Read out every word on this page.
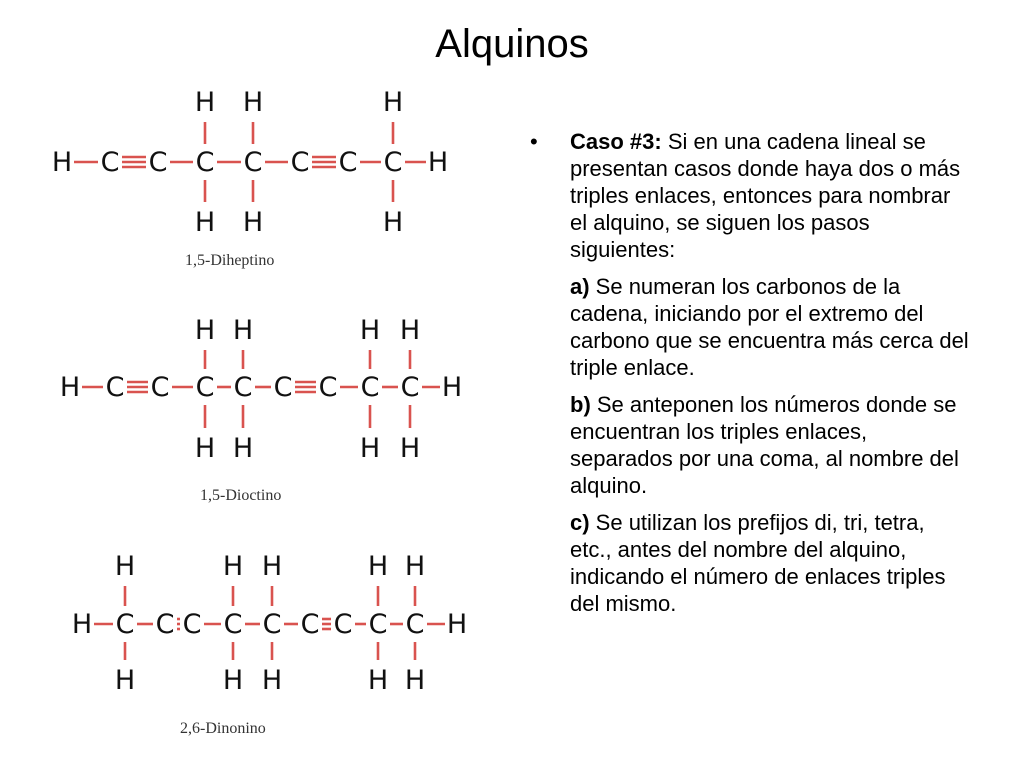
Alquinos
H C C C C C C C H
H
H
H
H
H
H
1,5-Diheptino
H C C C C C C C C H
H
H
H
H
H
H
H
H
1,5-Dioctino
H C C C C C C C C C H
H
H
H
H
H
H
H
H
H
H
2,6-Dinonino
•	Caso #3: Si en una cadena lineal se presentan casos donde haya dos o más triples enlaces, entonces para nombrar el alquino, se siguen los pasos siguientes:

a) Se numeran los carbonos de la cadena, iniciando por el extremo del carbono que se encuentra más cerca del triple enlace.

b) Se anteponen los números donde se encuentran los triples enlaces, separados por una coma, al nombre del alquino.

c) Se utilizan los prefijos di, tri, tetra, etc., antes del nombre del alquino, indicando el número de enlaces triples del mismo.
